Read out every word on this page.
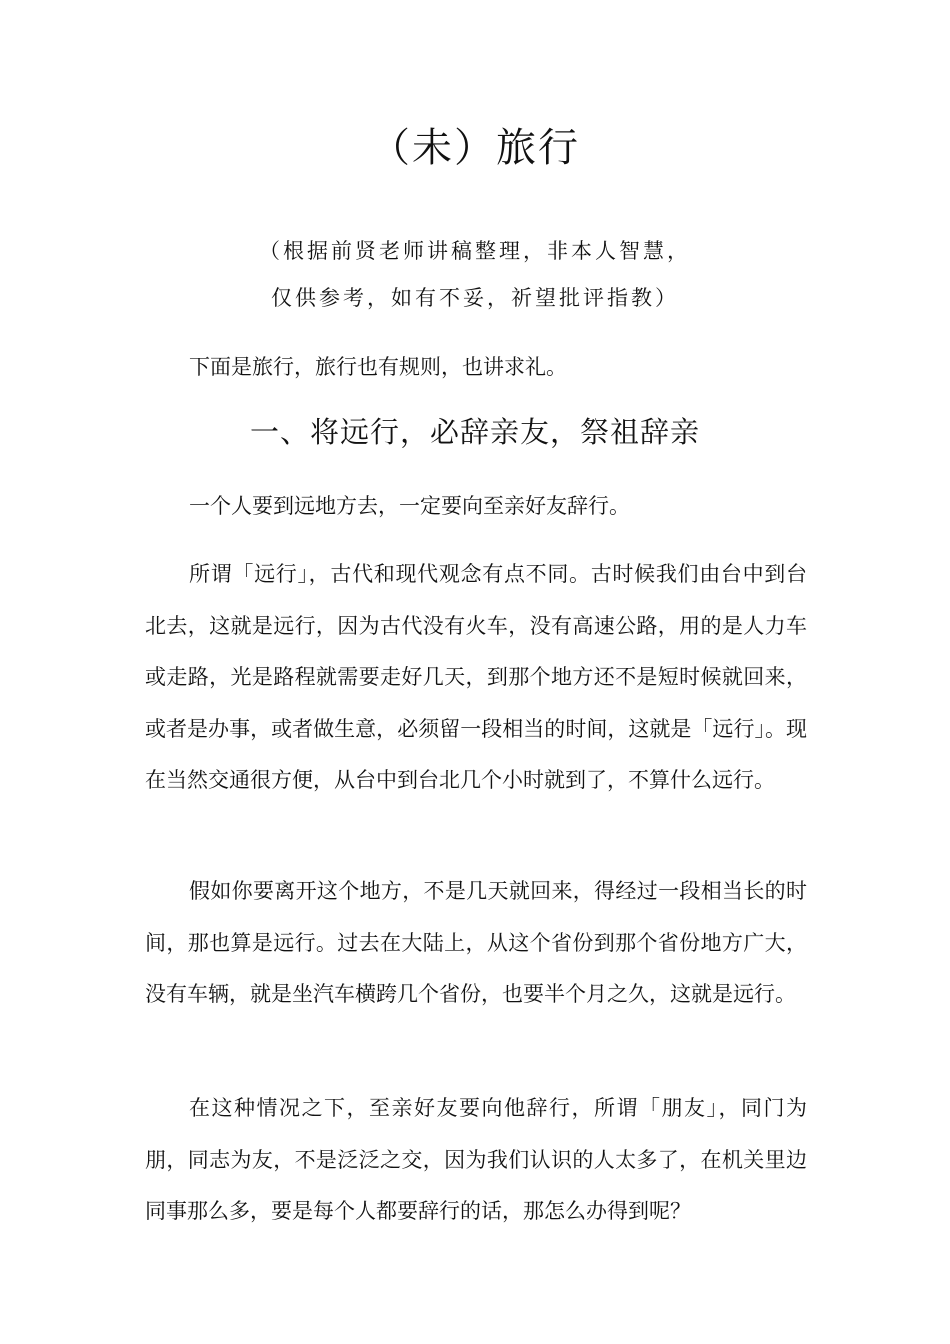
（未）旅行

（根据前贤老师讲稿整理，非本人智慧，

仅供参考，如有不妥，祈望批评指教）

下面是旅行，旅行也有规则，也讲求礼。

一、将远行，必辞亲友，祭祖辞亲

一个人要到远地方去，一定要向至亲好友辞行。

所谓「远行」，古代和现代观念有点不同。古时候我们由台中到台北去，这就是远行，因为古代没有火车，没有高速公路，用的是人力车或走路，光是路程就需要走好几天，到那个地方还不是短时候就回来，或者是办事，或者做生意，必须留一段相当的时间，这就是「远行」。现在当然交通很方便，从台中到台北几个小时就到了，不算什么远行。

假如你要离开这个地方，不是几天就回来，得经过一段相当长的时间，那也算是远行。过去在大陆上，从这个省份到那个省份地方广大，没有车辆，就是坐汽车横跨几个省份，也要半个月之久，这就是远行。

在这种情况之下，至亲好友要向他辞行，所谓「朋友」，同门为朋，同志为友，不是泛泛之交，因为我们认识的人太多了，在机关里边同事那么多，要是每个人都要辞行的话，那怎么办得到呢？
